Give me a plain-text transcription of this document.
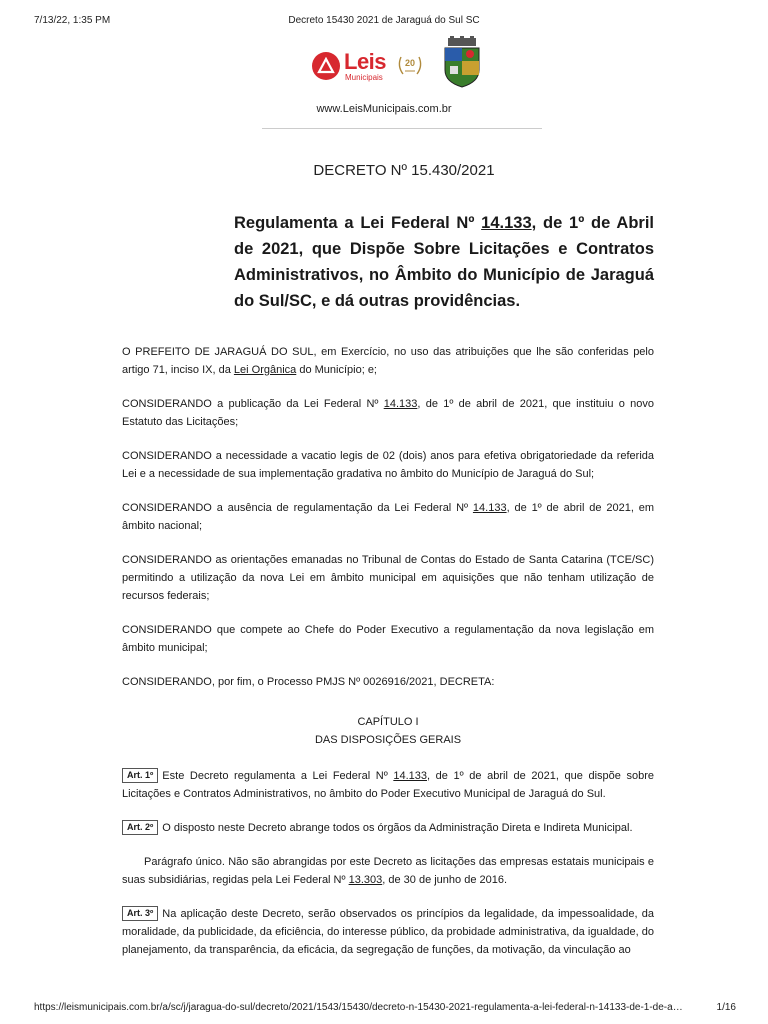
7/13/22, 1:35 PM	Decreto 15430 2021 de Jaraguá do Sul SC
Leis
Municipais
20
www.LeisMunicipais.com.br
DECRETO Nº 15.430/2021
Regulamenta a Lei Federal Nº 14.133, de 1º de Abril de 2021, que Dispõe Sobre Licitações e Contratos Administrativos, no Âmbito do Município de Jaraguá do Sul/SC, e dá outras providências.

O PREFEITO DE JARAGUÁ DO SUL, em Exercício, no uso das atribuições que lhe são conferidas pelo artigo 71, inciso IX, da Lei Orgânica do Município; e;

CONSIDERANDO a publicação da Lei Federal Nº 14.133, de 1º de abril de 2021, que instituiu o novo Estatuto das Licitações;

CONSIDERANDO a necessidade a vacatio legis de 02 (dois) anos para efetiva obrigatoriedade da referida Lei e a necessidade de sua implementação gradativa no âmbito do Município de Jaraguá do Sul;

CONSIDERANDO a ausência de regulamentação da Lei Federal Nº 14.133, de 1º de abril de 2021, em âmbito nacional;

CONSIDERANDO as orientações emanadas no Tribunal de Contas do Estado de Santa Catarina (TCE/SC) permitindo a utilização da nova Lei em âmbito municipal em aquisições que não tenham utilização de recursos federais;

CONSIDERANDO que compete ao Chefe do Poder Executivo a regulamentação da nova legislação em âmbito municipal;

CONSIDERANDO, por fim, o Processo PMJS Nº 0026916/2021, DECRETA:

CAPÍTULO I
DAS DISPOSIÇÕES GERAIS

Art. 1º Este Decreto regulamenta a Lei Federal Nº 14.133, de 1º de abril de 2021, que dispõe sobre Licitações e Contratos Administrativos, no âmbito do Poder Executivo Municipal de Jaraguá do Sul.

Art. 2º O disposto neste Decreto abrange todos os órgãos da Administração Direta e Indireta Municipal.

Parágrafo único. Não são abrangidas por este Decreto as licitações das empresas estatais municipais e suas subsidiárias, regidas pela Lei Federal Nº 13.303, de 30 de junho de 2016.

Art. 3º Na aplicação deste Decreto, serão observados os princípios da legalidade, da impessoalidade, da moralidade, da publicidade, da eficiência, do interesse público, da probidade administrativa, da igualdade, do planejamento, da transparência, da eficácia, da segregação de funções, da motivação, da vinculação ao

https://leismunicipais.com.br/a/sc/j/jaragua-do-sul/decreto/2021/1543/15430/decreto-n-15430-2021-regulamenta-a-lei-federal-n-14133-de-1-de-a…	1/16
